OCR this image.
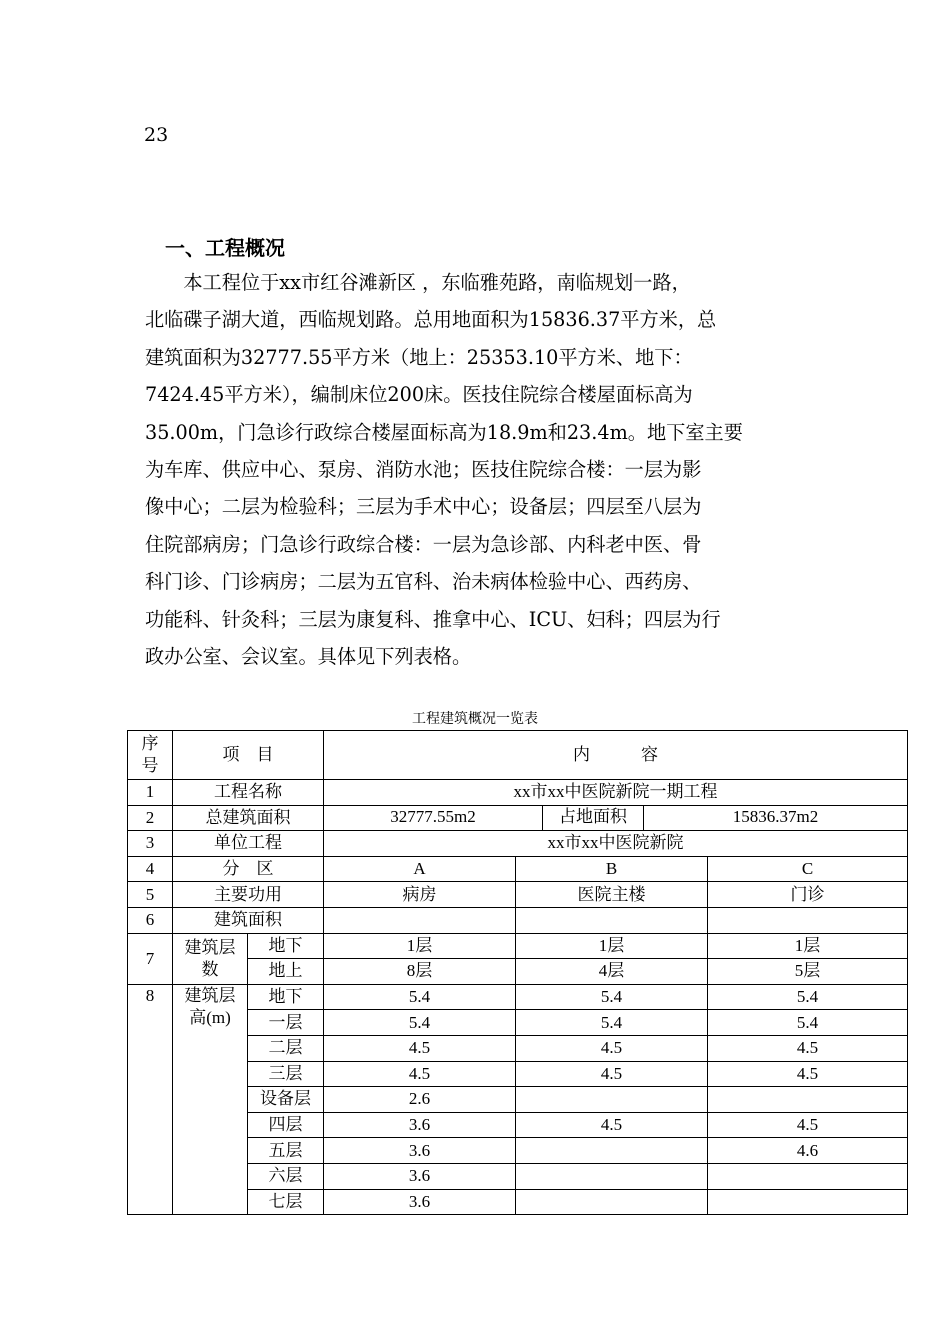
23
一、工程概况
　　本工程位于xx市红谷滩新区 ，东临雅苑路，南临规划一路，
北临碟子湖大道，西临规划路。总用地面积为15836.37平方米，总
建筑面积为32777.55平方米（地上：25353.10平方米、地下：
7424.45平方米），编制床位200床。医技住院综合楼屋面标高为
35.00m，门急诊行政综合楼屋面标高为18.9m和23.4m。地下室主要
为车库、供应中心、泵房、消防水池；医技住院综合楼：一层为影
像中心；二层为检验科；三层为手术中心；设备层；四层至八层为
住院部病房；门急诊行政综合楼：一层为急诊部、内科老中医、骨
科门诊、门诊病房；二层为五官科、治未病体检验中心、西药房、
功能科、针灸科；三层为康复科、推拿中心、ICU、妇科；四层为行
政办公室、会议室。具体见下列表格。
工程建筑概况一览表
序号	项　目		内　　　容		
1	工程名称		xx市xx中医院新院一期工程		
2	总建筑面积		32777.55m2 占地面积 15836.37m2		

3	单位工程		xx市xx中医院新院		
4	分　区		A	B	C
5	主要功用		病房	医院主楼	门诊
6	建筑面积				
7	建筑层数	地下	1层	1层	1层
		地上	8层	4层	5层
8	建筑层高(m)	地下	5.4	5.4	5.4
		一层	5.4	5.4	5.4
		二层	4.5	4.5	4.5
		三层	4.5	4.5	4.5
		设备层	2.6		
		四层	3.6	4.5	4.5
		五层	3.6		4.6
		六层	3.6		
		七层	3.6		
